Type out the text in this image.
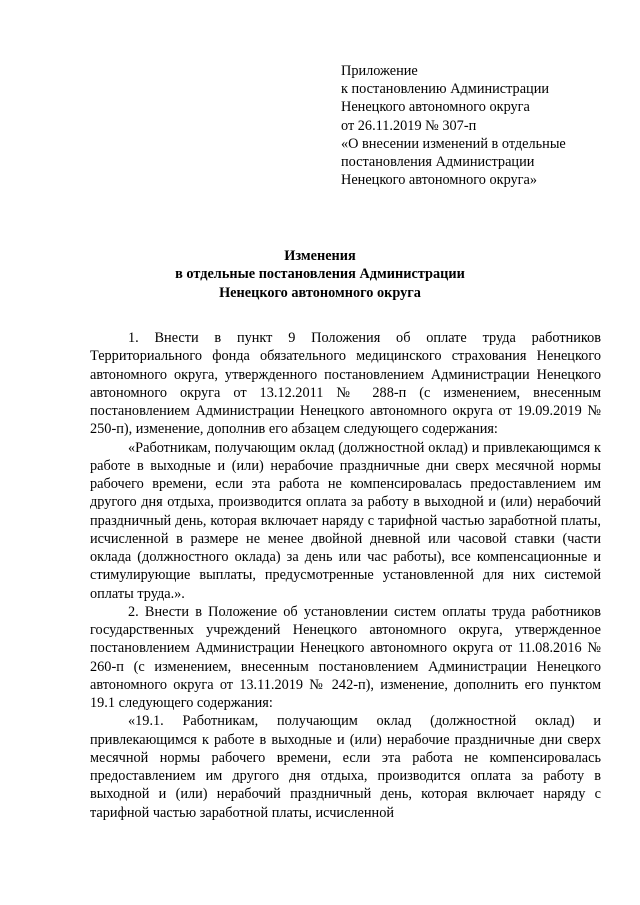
Приложение
к постановлению Администрации
Ненецкого автономного округа
от 26.11.2019 № 307-п
«О внесении изменений в отдельные
постановления Администрации
Ненецкого автономного округа»
Изменения
в отдельные постановления Администрации
Ненецкого автономного округа

1. Внести в пункт 9 Положения об оплате труда работников Территориального фонда обязательного медицинского страхования Ненецкого автономного округа, утвержденного постановлением Администрации Ненецкого автономного округа от 13.12.2011 № 288-п (с изменением, внесенным постановлением Администрации Ненецкого автономного округа от 19.09.2019 № 250-п), изменение, дополнив его абзацем следующего содержания:

«Работникам, получающим оклад (должностной оклад) и привлекающимся к работе в выходные и (или) нерабочие праздничные дни сверх месячной нормы рабочего времени, если эта работа не компенсировалась предоставлением им другого дня отдыха, производится оплата за работу в выходной и (или) нерабочий праздничный день, которая включает наряду с тарифной частью заработной платы, исчисленной в размере не менее двойной дневной или часовой ставки (части оклада (должностного оклада) за день или час работы), все компенсационные и стимулирующие выплаты, предусмотренные установленной для них системой оплаты труда.».

2. Внести в Положение об установлении систем оплаты труда работников государственных учреждений Ненецкого автономного округа, утвержденное постановлением Администрации Ненецкого автономного округа от 11.08.2016 № 260-п (с изменением, внесенным постановлением Администрации Ненецкого автономного округа от 13.11.2019 № 242-п), изменение, дополнить его пунктом 19.1 следующего содержания:

«19.1. Работникам, получающим оклад (должностной оклад) и привлекающимся к работе в выходные и (или) нерабочие праздничные дни сверх месячной нормы рабочего времени, если эта работа не компенсировалась предоставлением им другого дня отдыха, производится оплата за работу в выходной и (или) нерабочий праздничный день, которая включает наряду с тарифной частью заработной платы, исчисленной
